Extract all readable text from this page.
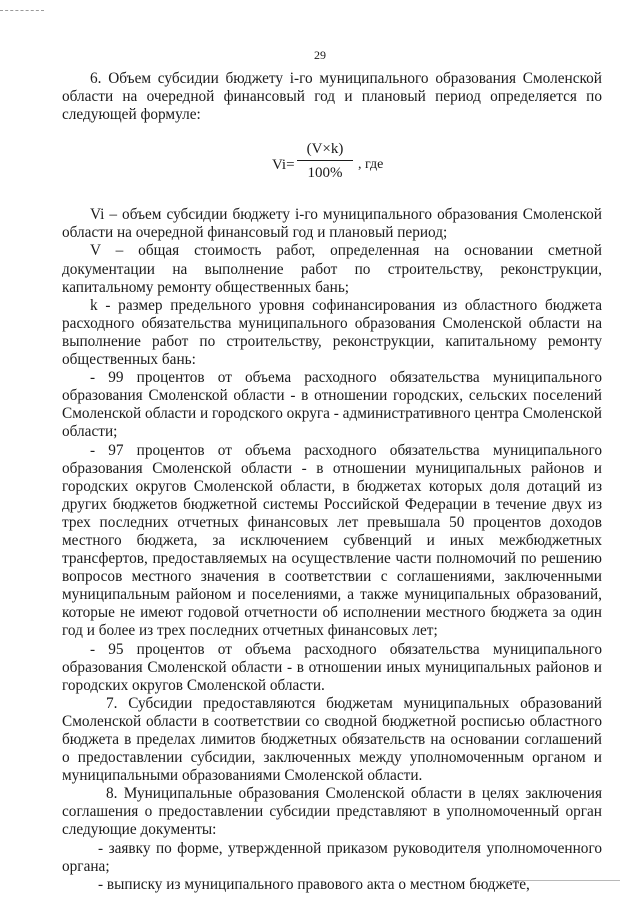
29

6. Объем субсидии бюджету i-го муниципального образования Смоленской области на очередной финансовый год и плановый период определяется по следующей формуле:

$Vi= \frac{(V\times k)}{100\%}$ , где

Vi – объем субсидии бюджету i-го муниципального образования Смоленской области на очередной финансовый год и плановый период;

V – общая стоимость работ, определенная на основании сметной документации на выполнение работ по строительству, реконструкции, капитальному ремонту общественных бань;

k - размер предельного уровня софинансирования из областного бюджета расходного обязательства муниципального образования Смоленской области на выполнение работ по строительству, реконструкции, капитальному ремонту общественных бань:

- 99 процентов от объема расходного обязательства муниципального образования Смоленской области - в отношении городских, сельских поселений Смоленской области и городского округа - административного центра Смоленской области;

- 97 процентов от объема расходного обязательства муниципального образования Смоленской области - в отношении муниципальных районов и городских округов Смоленской области, в бюджетах которых доля дотаций из других бюджетов бюджетной системы Российской Федерации в течение двух из трех последних отчетных финансовых лет превышала 50 процентов доходов местного бюджета, за исключением субвенций и иных межбюджетных трансфертов, предоставляемых на осуществление части полномочий по решению вопросов местного значения в соответствии с соглашениями, заключенными муниципальным районом и поселениями, а также муниципальных образований, которые не имеют годовой отчетности об исполнении местного бюджета за один год и более из трех последних отчетных финансовых лет;

- 95 процентов от объема расходного обязательства муниципального образования Смоленской области - в отношении иных муниципальных районов и городских округов Смоленской области.

7. Субсидии предоставляются бюджетам муниципальных образований Смоленской области в соответствии со сводной бюджетной росписью областного бюджета в пределах лимитов бюджетных обязательств на основании соглашений о предоставлении субсидии, заключенных между уполномоченным органом и муниципальными образованиями Смоленской области.

8. Муниципальные образования Смоленской области в целях заключения соглашения о предоставлении субсидии представляют в уполномоченный орган следующие документы:

- заявку по форме, утвержденной приказом руководителя уполномоченного органа;

- выписку из муниципального правового акта о местном бюджете,
